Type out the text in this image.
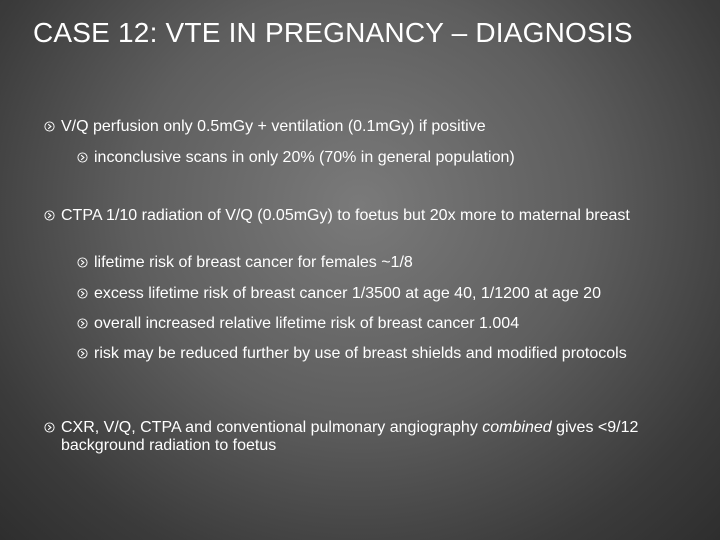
CASE 12: VTE IN PREGNANCY – DIAGNOSIS
V/Q perfusion only 0.5mGy + ventilation (0.1mGy) if positive
inconclusive scans in only 20% (70% in general population)
CTPA 1/10 radiation of V/Q (0.05mGy) to foetus but 20x more to maternal breast
lifetime risk of breast cancer for females ~1/8
excess lifetime risk of breast cancer 1/3500 at age 40, 1/1200 at age 20
overall increased relative lifetime risk of breast cancer 1.004
risk may be reduced further by use of breast shields and modified protocols
CXR, V/Q, CTPA and conventional pulmonary angiography combined gives <9/12 background radiation to foetus
